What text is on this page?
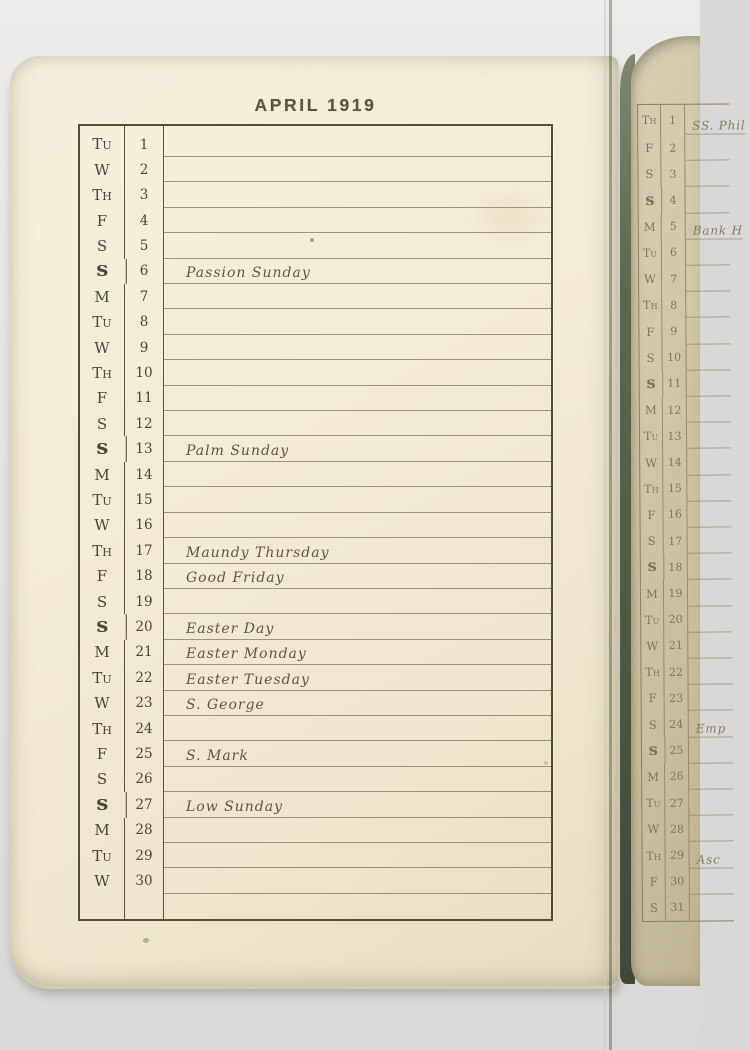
APRIL 1919
Tu	1
W	2
Th	3
F	4
S	5
S	6	Passion Sunday
M	7
Tu	8
W	9
Th	10
F	11
S	12
S	13	Palm Sunday
M	14
Tu	15
W	16
Th	17	Maundy Thursday
F	18	Good Friday
S	19
S	20	Easter Day
M	21	Easter Monday
Tu	22	Easter Tuesday
W	23	S. George
Th	24
F	25	S. Mark
S	26
S	27	Low Sunday
M	28
Tu	29
W	30
Th	1	SS. Phil
F	2
S	3
S	4
M	5	Bank H
Tu	6
W	7
Th	8
F	9
S	10
S	11
M 12
Tu 13
W 14
Th 15
F	16
S	17
S	18
M 19
Tu 20
W 21
Th 22
F	23
S	24	Emp
S	25
M 26
Tu 27
W 28
Th 29	Asc
F	30
S	31
